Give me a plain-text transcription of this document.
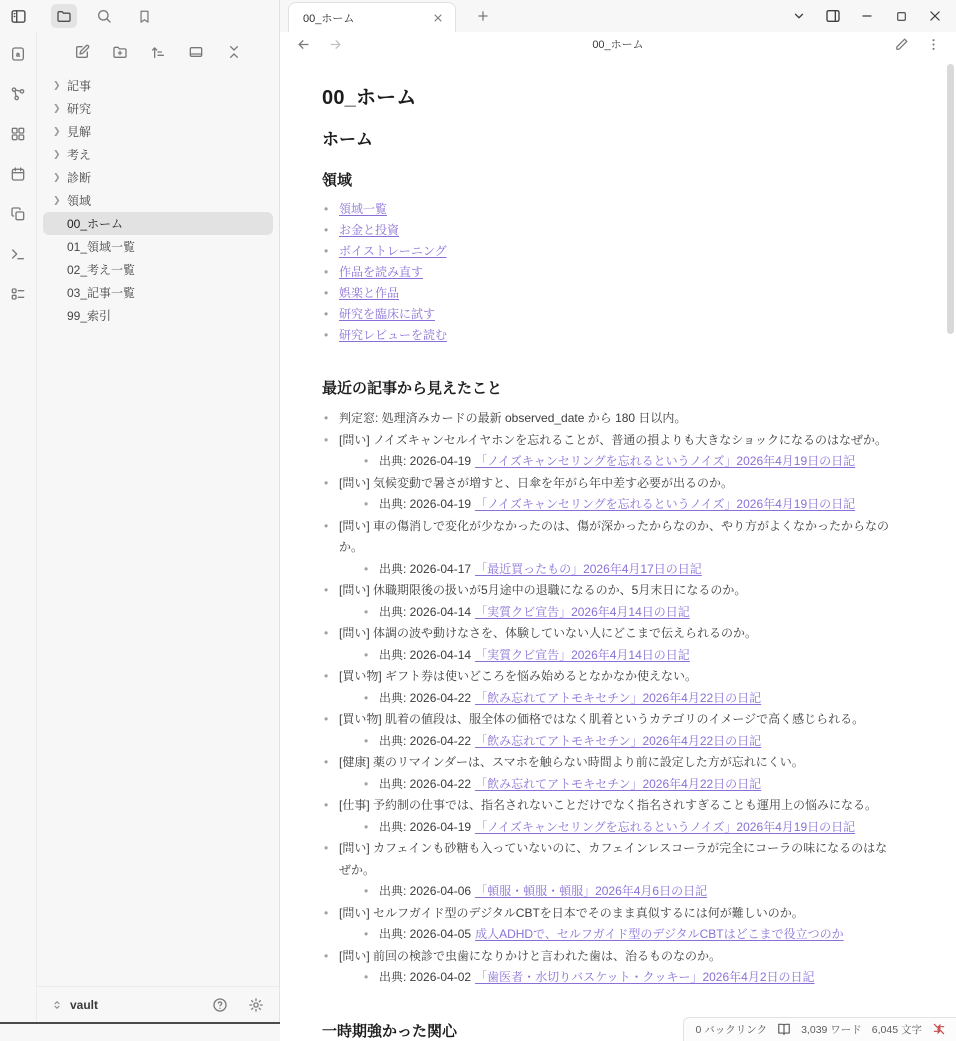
a
❯ 記事
❯ 研究
❯ 見解
❯ 考え
❯ 診断
❯ 領域
00_ホーム
01_領域一覧
02_考え一覧
03_記事一覧
99_索引
vault
00_ホーム
00_ホーム
00_ホーム
ホーム
領域
• 領域一覧
• お金と投資
• ボイストレーニング
• 作品を読み直す
• 娯楽と作品
• 研究を臨床に試す
• 研究レビューを読む
最近の記事から見えたこと
• 判定窓: 処理済みカードの最新 observed_date から 180 日以内。
• [問い] ノイズキャンセルイヤホンを忘れることが、普通の損よりも大きなショックになるのはなぜか。
• 出典: 2026-04-19 「ノイズキャンセリングを忘れるというノイズ」2026年4月19日の日記
• [問い] 気候変動で暑さが増すと、日傘を年がら年中差す必要が出るのか。
• 出典: 2026-04-19 「ノイズキャンセリングを忘れるというノイズ」2026年4月19日の日記
• [問い] 車の傷消しで変化が少なかったのは、傷が深かったからなのか、やり方がよくなかったからなのか。
• 出典: 2026-04-17 「最近買ったもの」2026年4月17日の日記
• [問い] 休職期限後の扱いが5月途中の退職になるのか、5月末日になるのか。
• 出典: 2026-04-14 「実質クビ宣告」2026年4月14日の日記
• [問い] 体調の波や動けなさを、体験していない人にどこまで伝えられるのか。
• 出典: 2026-04-14 「実質クビ宣告」2026年4月14日の日記
• [買い物] ギフト券は使いどころを悩み始めるとなかなか使えない。
• 出典: 2026-04-22 「飲み忘れてアトモキセチン」2026年4月22日の日記
• [買い物] 肌着の値段は、服全体の価格ではなく肌着というカテゴリのイメージで高く感じられる。
• 出典: 2026-04-22 「飲み忘れてアトモキセチン」2026年4月22日の日記
• [健康] 薬のリマインダーは、スマホを触らない時間より前に設定した方が忘れにくい。
• 出典: 2026-04-22 「飲み忘れてアトモキセチン」2026年4月22日の日記
• [仕事] 予約制の仕事では、指名されないことだけでなく指名されすぎることも運用上の悩みになる。
• 出典: 2026-04-19 「ノイズキャンセリングを忘れるというノイズ」2026年4月19日の日記
• [問い] カフェインも砂糖も入っていないのに、カフェインレスコーラが完全にコーラの味になるのはなぜか。
• 出典: 2026-04-06 「頓服・頓服・頓服」2026年4月6日の日記
• [問い] セルフガイド型のデジタルCBTを日本でそのまま真似するには何が難しいのか。
• 出典: 2026-04-05 成人ADHDで、セルフガイド型のデジタルCBTはどこまで役立つのか
• [問い] 前回の検診で虫歯になりかけと言われた歯は、治るものなのか。
• 出典: 2026-04-02 「歯医者・水切りバスケット・クッキー」2026年4月2日の日記
一時期強かった関心	0 バックリンク	3,039 ワード 6,045 文字
